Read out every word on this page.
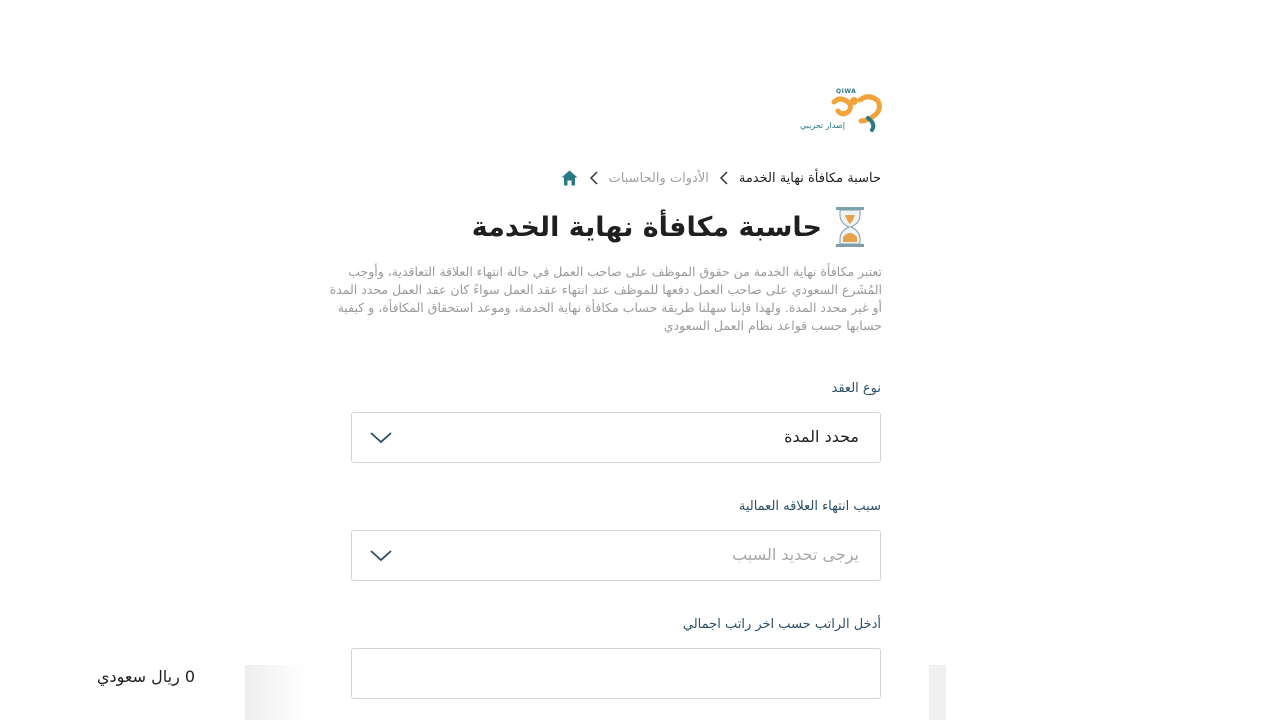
QIWA
إصدار تجريبي
الأدوات والحاسبات حاسبة مكافأة نهاية الخدمة
حاسبة مكافأة نهاية الخدمة

تعتبر مكافأة نهاية الخدمة من حقوق الموظف على صاحب العمل في حالة انتهاء العلاقة التعاقدية، وأوجب المُشَرع السعودي على صاحب العمل دفعها للموظف عند انتهاء عقد العمل سواءً كان عقد العمل محدد المدة أو غير محدد المدة. ولهذا فإننا سهلنا طريقة حساب مكافأة نهاية الخدمة، وموعد استحقاق المكافأة، و كيفية حسابها حسب قواعد نظام العمل السعودي

نوع العقد
محدد المدة
سبب انتهاء العلاقه العمالية
يرجى تحديد السبب
أدخل الراتب حسب اخر راتب اجمالي
0 ريال سعودي
